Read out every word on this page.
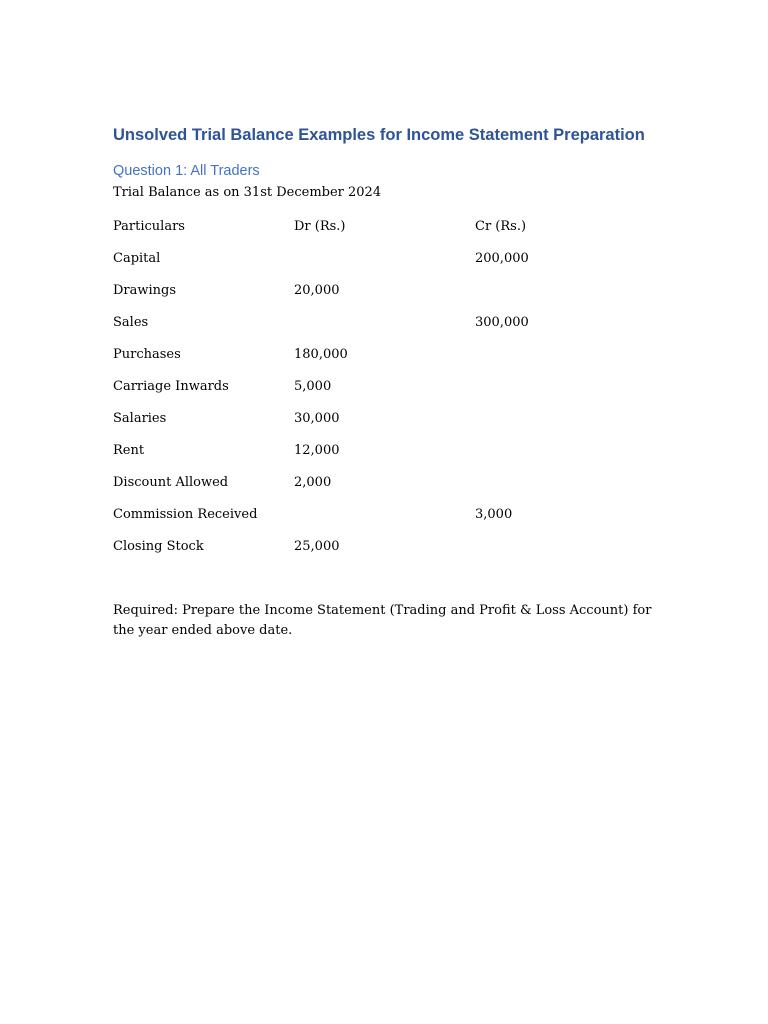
Unsolved Trial Balance Examples for Income Statement Preparation
Question 1: All Traders
Trial Balance as on 31st December 2024
Particulars	Dr (Rs.)	Cr (Rs.)
Capital		200,000
Drawings	20,000	
Sales		300,000
Purchases	180,000	
Carriage Inwards	5,000	
Salaries	30,000	
Rent	12,000	
Discount Allowed	2,000	
Commission Received		3,000
Closing Stock	25,000	

Required: Prepare the Income Statement (Trading and Profit & Loss Account) for the year ended above date.
